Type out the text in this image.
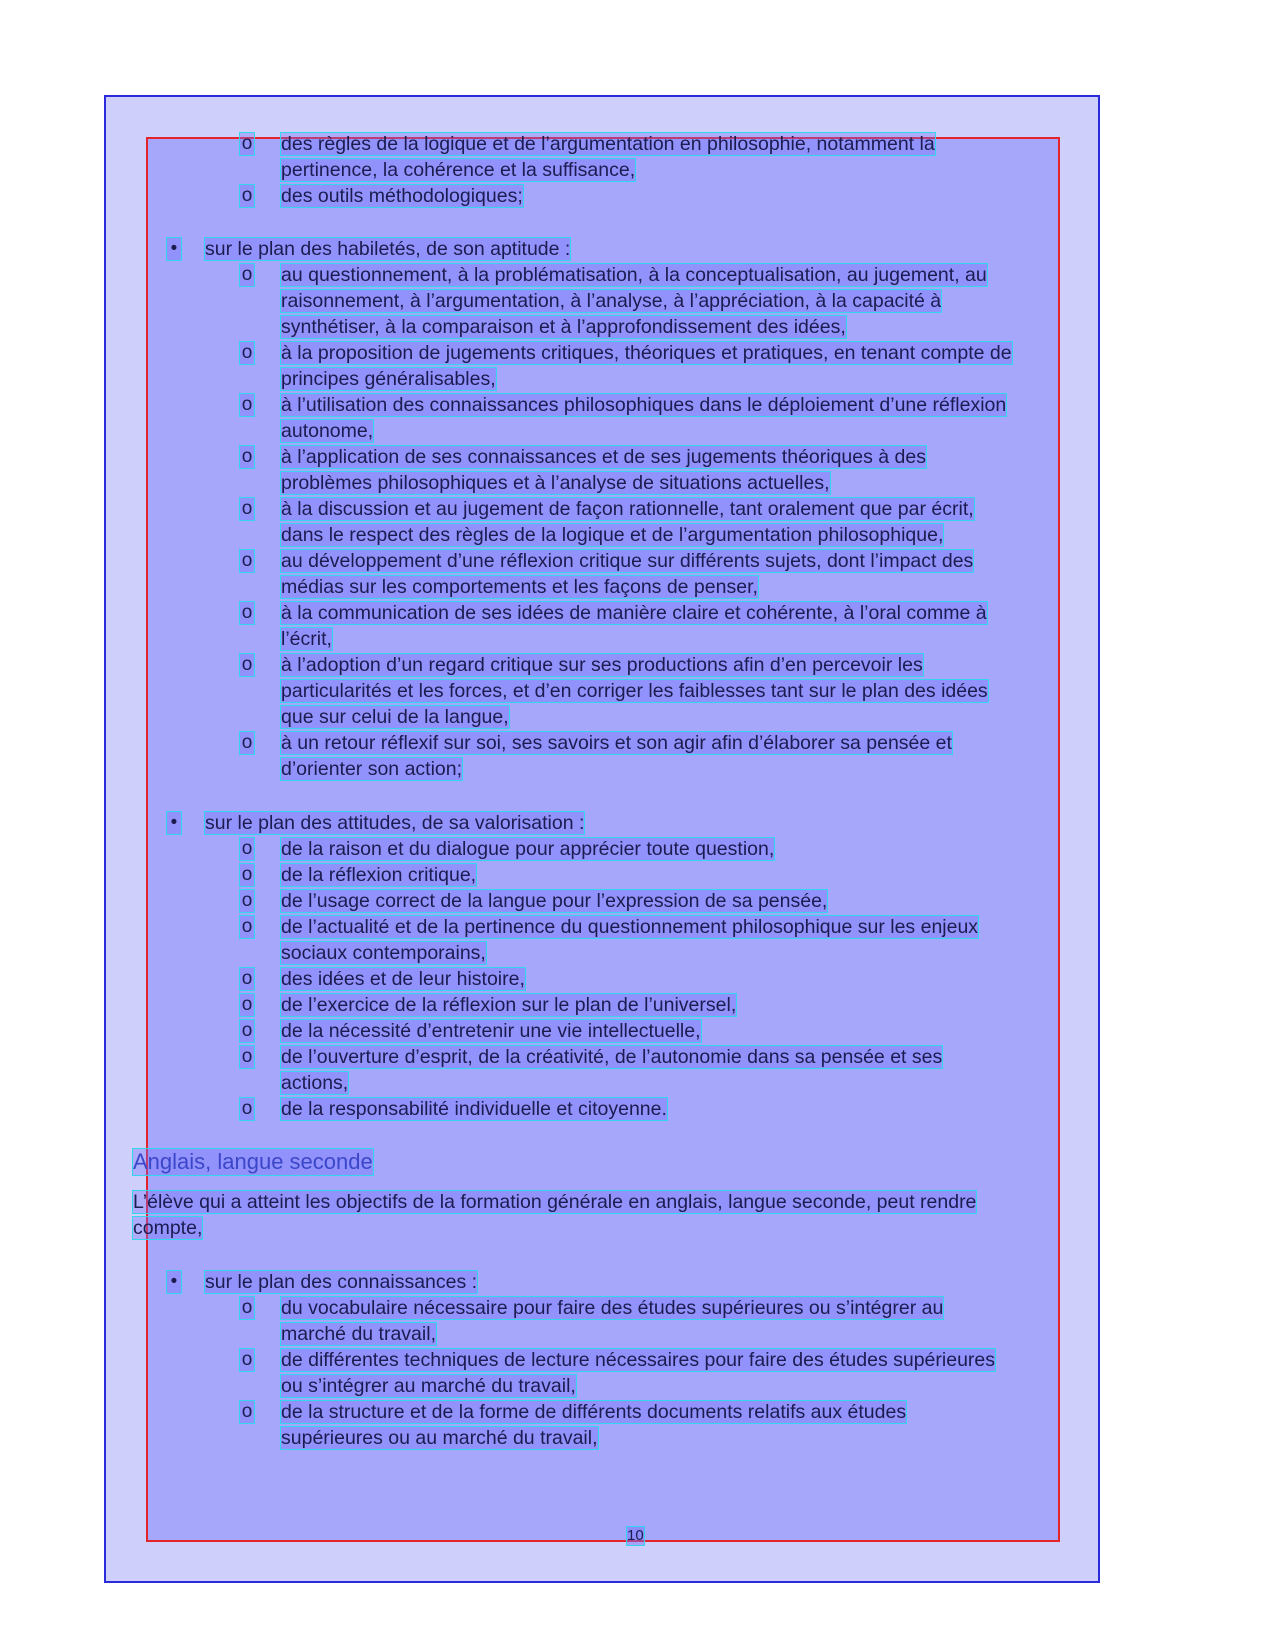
o des règles de la logique et de l’argumentation en philosophie, notamment la
pertinence, la cohérence et la suffisance,
o des outils méthodologiques;
• sur le plan des habiletés, de son aptitude :
o au questionnement, à la problématisation, à la conceptualisation, au jugement, au
raisonnement, à l’argumentation, à l’analyse, à l’appréciation, à la capacité à
synthétiser, à la comparaison et à l’approfondissement des idées,
o à la proposition de jugements critiques, théoriques et pratiques, en tenant compte de
principes généralisables,
o à l’utilisation des connaissances philosophiques dans le déploiement d’une réflexion
autonome,
o à l’application de ses connaissances et de ses jugements théoriques à des
problèmes philosophiques et à l’analyse de situations actuelles,
o à la discussion et au jugement de façon rationnelle, tant oralement que par écrit,
dans le respect des règles de la logique et de l’argumentation philosophique,
o au développement d’une réflexion critique sur différents sujets, dont l’impact des
médias sur les comportements et les façons de penser,
o à la communication de ses idées de manière claire et cohérente, à l’oral comme à
l’écrit,
o à l’adoption d’un regard critique sur ses productions afin d’en percevoir les
particularités et les forces, et d’en corriger les faiblesses tant sur le plan des idées
que sur celui de la langue,
o à un retour réflexif sur soi, ses savoirs et son agir afin d’élaborer sa pensée et
d’orienter son action;
• sur le plan des attitudes, de sa valorisation :
o de la raison et du dialogue pour apprécier toute question,
o de la réflexion critique,
o de l’usage correct de la langue pour l’expression de sa pensée,
o de l’actualité et de la pertinence du questionnement philosophique sur les enjeux
sociaux contemporains,
o des idées et de leur histoire,
o de l’exercice de la réflexion sur le plan de l’universel,
o de la nécessité d’entretenir une vie intellectuelle,
o de l’ouverture d’esprit, de la créativité, de l’autonomie dans sa pensée et ses
actions,
o de la responsabilité individuelle et citoyenne.
Anglais, langue seconde
L’élève qui a atteint les objectifs de la formation générale en anglais, langue seconde, peut rendre
compte,
• sur le plan des connaissances :
o du vocabulaire nécessaire pour faire des études supérieures ou s’intégrer au
marché du travail,
o de différentes techniques de lecture nécessaires pour faire des études supérieures
ou s’intégrer au marché du travail,
o de la structure et de la forme de différents documents relatifs aux études
supérieures ou au marché du travail,
10
